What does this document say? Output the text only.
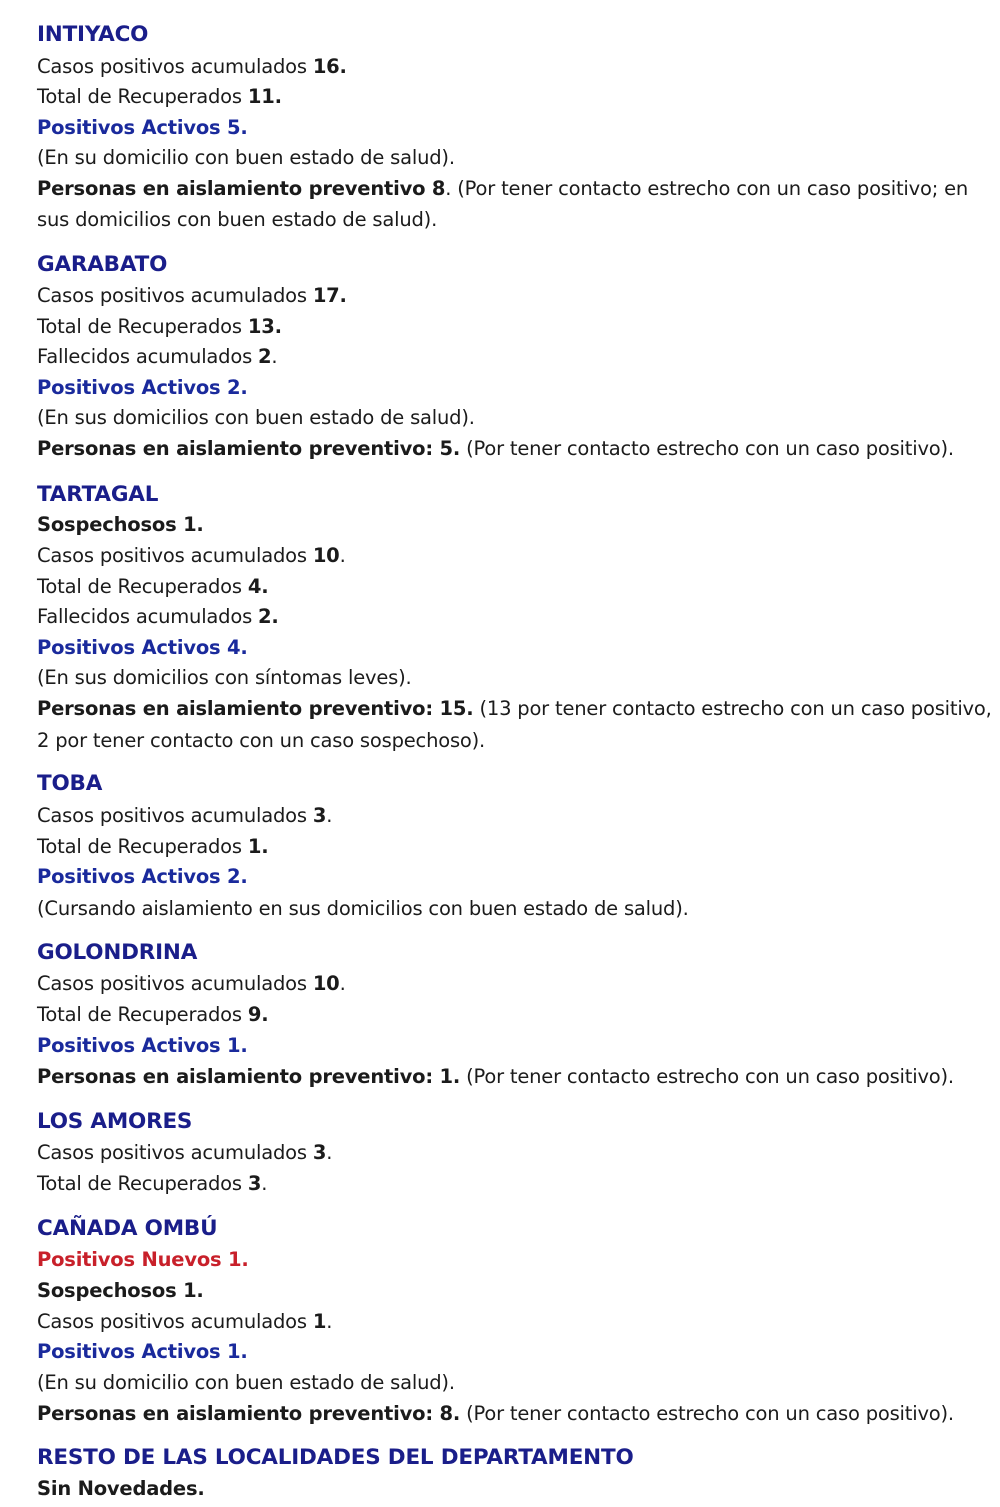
INTIYACO
Casos positivos acumulados 16.
Total de Recuperados 11.
Positivos Activos 5.
(En su domicilio con buen estado de salud).
Personas en aislamiento preventivo 8. (Por tener contacto estrecho con un caso positivo; en
sus domicilios con buen estado de salud).
GARABATO
Casos positivos acumulados 17.
Total de Recuperados 13.
Fallecidos acumulados 2.
Positivos Activos 2.
(En sus domicilios con buen estado de salud).
Personas en aislamiento preventivo: 5. (Por tener contacto estrecho con un caso positivo).
TARTAGAL
Sospechosos 1.
Casos positivos acumulados 10.
Total de Recuperados 4.
Fallecidos acumulados 2.
Positivos Activos 4.
(En sus domicilios con síntomas leves).
Personas en aislamiento preventivo: 15. (13 por tener contacto estrecho con un caso positivo,
2 por tener contacto con un caso sospechoso).
TOBA
Casos positivos acumulados 3.
Total de Recuperados 1.
Positivos Activos 2.
(Cursando aislamiento en sus domicilios con buen estado de salud).
GOLONDRINA
Casos positivos acumulados 10.
Total de Recuperados 9.
Positivos Activos 1.
Personas en aislamiento preventivo: 1. (Por tener contacto estrecho con un caso positivo).
LOS AMORES
Casos positivos acumulados 3.
Total de Recuperados 3.
CAÑADA OMBÚ
Positivos Nuevos 1.
Sospechosos 1.
Casos positivos acumulados 1.
Positivos Activos 1.
(En su domicilio con buen estado de salud).
Personas en aislamiento preventivo: 8. (Por tener contacto estrecho con un caso positivo).
RESTO DE LAS LOCALIDADES DEL DEPARTAMENTO
Sin Novedades.
